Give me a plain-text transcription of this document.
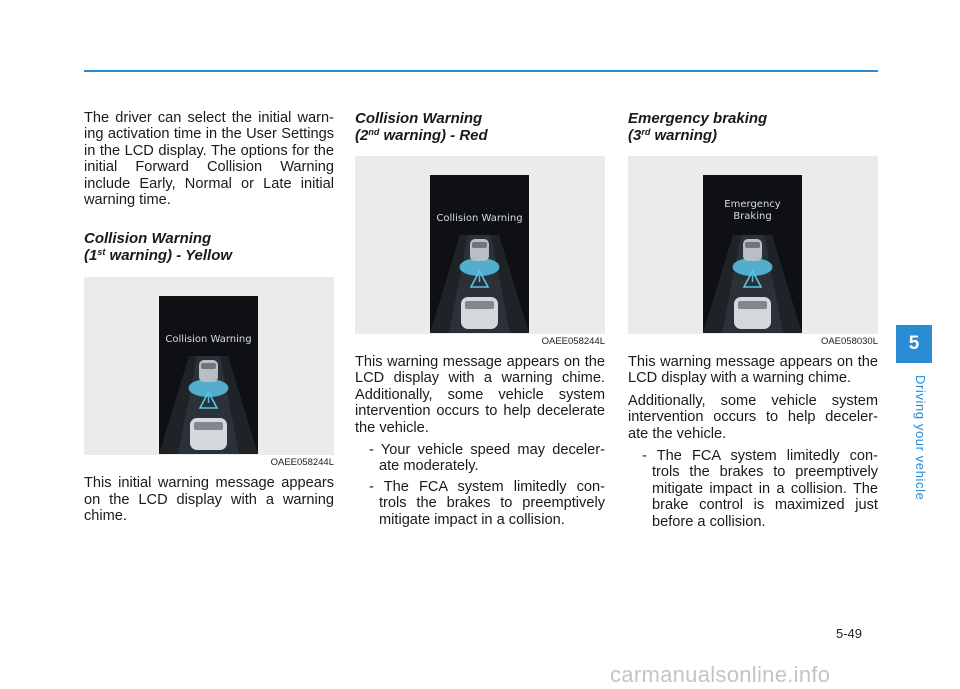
The driver can select the initial warn- ing activation time in the User Settings in the LCD display. The options for the initial Forward Collision Warning include Early, Normal or Late initial warning time.

Collision Warning
(1st warning) - Yellow
Collision Warning
OAEE058244L

This initial warning message appears on the LCD display with a warning chime.

Collision Warning
(2nd warning) - Red
Collision Warning
OAEE058244L

This warning message appears on the LCD display with a warning chime. Additionally, some vehicle system intervention occurs to help decelerate the vehicle.

- Your vehicle speed may deceler- ate moderately.
- The FCA system limitedly con- trols the brakes to preemptively mitigate impact in a collision.
Emergency braking
(3rd warning)
Emergency
Braking
OAE058030L

This warning message appears on the LCD display with a warning chime.

Additionally, some vehicle system intervention occurs to help deceler- ate the vehicle.

- The FCA system limitedly con- trols the brakes to preemptively mitigate impact in a collision. The brake control is maximized just before a collision.
5
Driving your vehicle
5-49
carmanualsonline.info
